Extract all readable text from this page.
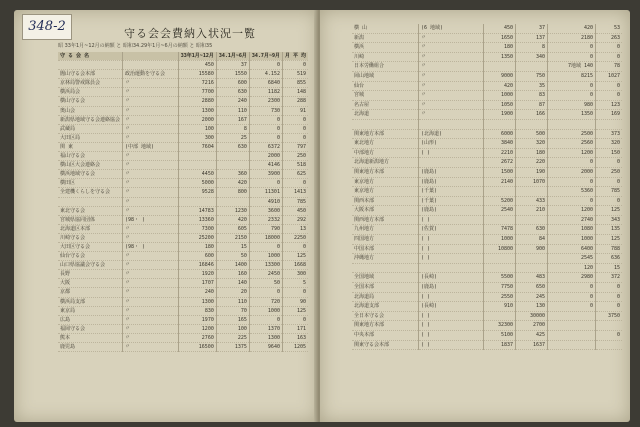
348-2	守る会会費納入状況一覧
昭 33年1月~12月の納額 と 昭和34.29年1月~6月の納額 と 昭和35
守 る 会 名		33年1月~12月	34.1月~6月	34.7月~9月	月 平 均
		450	37	0	0
闇山守る会本部	政治運動を守る会	15580	1550	4.152	519
京林局警戒隊員会	〃	7216	600	6840	855
横浜局会	〃	7700	630	1182	148
横山守る会	〃	2880	240	2300	288
奥山会	〃	1300	110	730	91
新潟県地域守る会連絡協会	〃	2000	167	0	0
武蔵局	〃	100	8	0	0
大田区局	〃	300	25	0	0
関 東	(中部 地域)	7604	630	6372	797
福山守る会	〃			2000	250
横山区大会連絡会	〃			4146	518
横浜地域守る会	〃	4450	360	3900	625
横田区	〃	5000	420	0	0
全建機くらしを守る会	〃	9528	800	11301	1413
	〃			4910	785
東北守る会	〃	14783	1230	3600	450
宮城県協同団体	(98・ )	13360	420	2332	292
北海道区本部	〃	7300	605	790	13
川崎守る会	〃	25200	2150	18000	2250
大田区守る会	(98・ )	180	15	0	0
仙台守る会	〃	600	50	1000	125
山口県協議会守る会	〃	16846	1400	13300	1668
長野	〃	1920	160	2450	300
大阪	〃	1707	140	50	5
京都	〃	240	20	0	0
横浜局支部	〃	1300	110	720	90
東京局	〃	830	70	1000	125
広島	〃	1970	165	0	0
福岡守る会	〃	1200	100	1370	171
熊本	〃	2760	225	1300	163
鹿児島	〃	16500	1375	9640	1205
横 山	(6 地域)	450	37	420	53
新潟	〃	1650	137	2180	263
横浜	〃	180	8	0	0
川崎	〃	1350	340	0	0
日本労働組合	〃			7地域 140	78
岡山地域	〃	9000	750	8215	1027
仙台	〃	420	35	0	0
宮城	〃	1000	83	0	0
名古屋	〃	1050	87	980	123
北海道	〃	1900	166	1350	169

関東地方本部	(北海道)	6000	500	2500	373
東北地方	(山形)	3840	320	2560	320
中部地方	( )	2210	180	1200	150
北海道新潟地方		2672	220	0	0
関東地方本部	(鹿島)	1500	190	2000	250
東京地方	(鹿島)	2140	1070	0	0
東京地方	(千葉)			5360	785
関西本部	(千葉)	5200	433	0	0
大阪本部	(鹿島)	2540	210	1200	125
関西地方本部	( )			2740	343
九州地方	(佐賀)	7478	630	1080	135
四国地方	( )	1000	84	1000	125
中国本部	( )	10800	900	6400	788
沖縄地方	( )			2545	636
				120	15
全国地域	(長崎)	5500	483	2980	372
全国本部	(鹿島)	7750	650	0	0
北海道局	( )	2550	245	0	0
北海道支部	(長崎)	910	130	0	0
全日本守る会	( )		30000		3750
関東地方本部	( )	32300	2700		
中央本部	( )	5100	425		0
関東守る会本部	( )	1837	1637		
